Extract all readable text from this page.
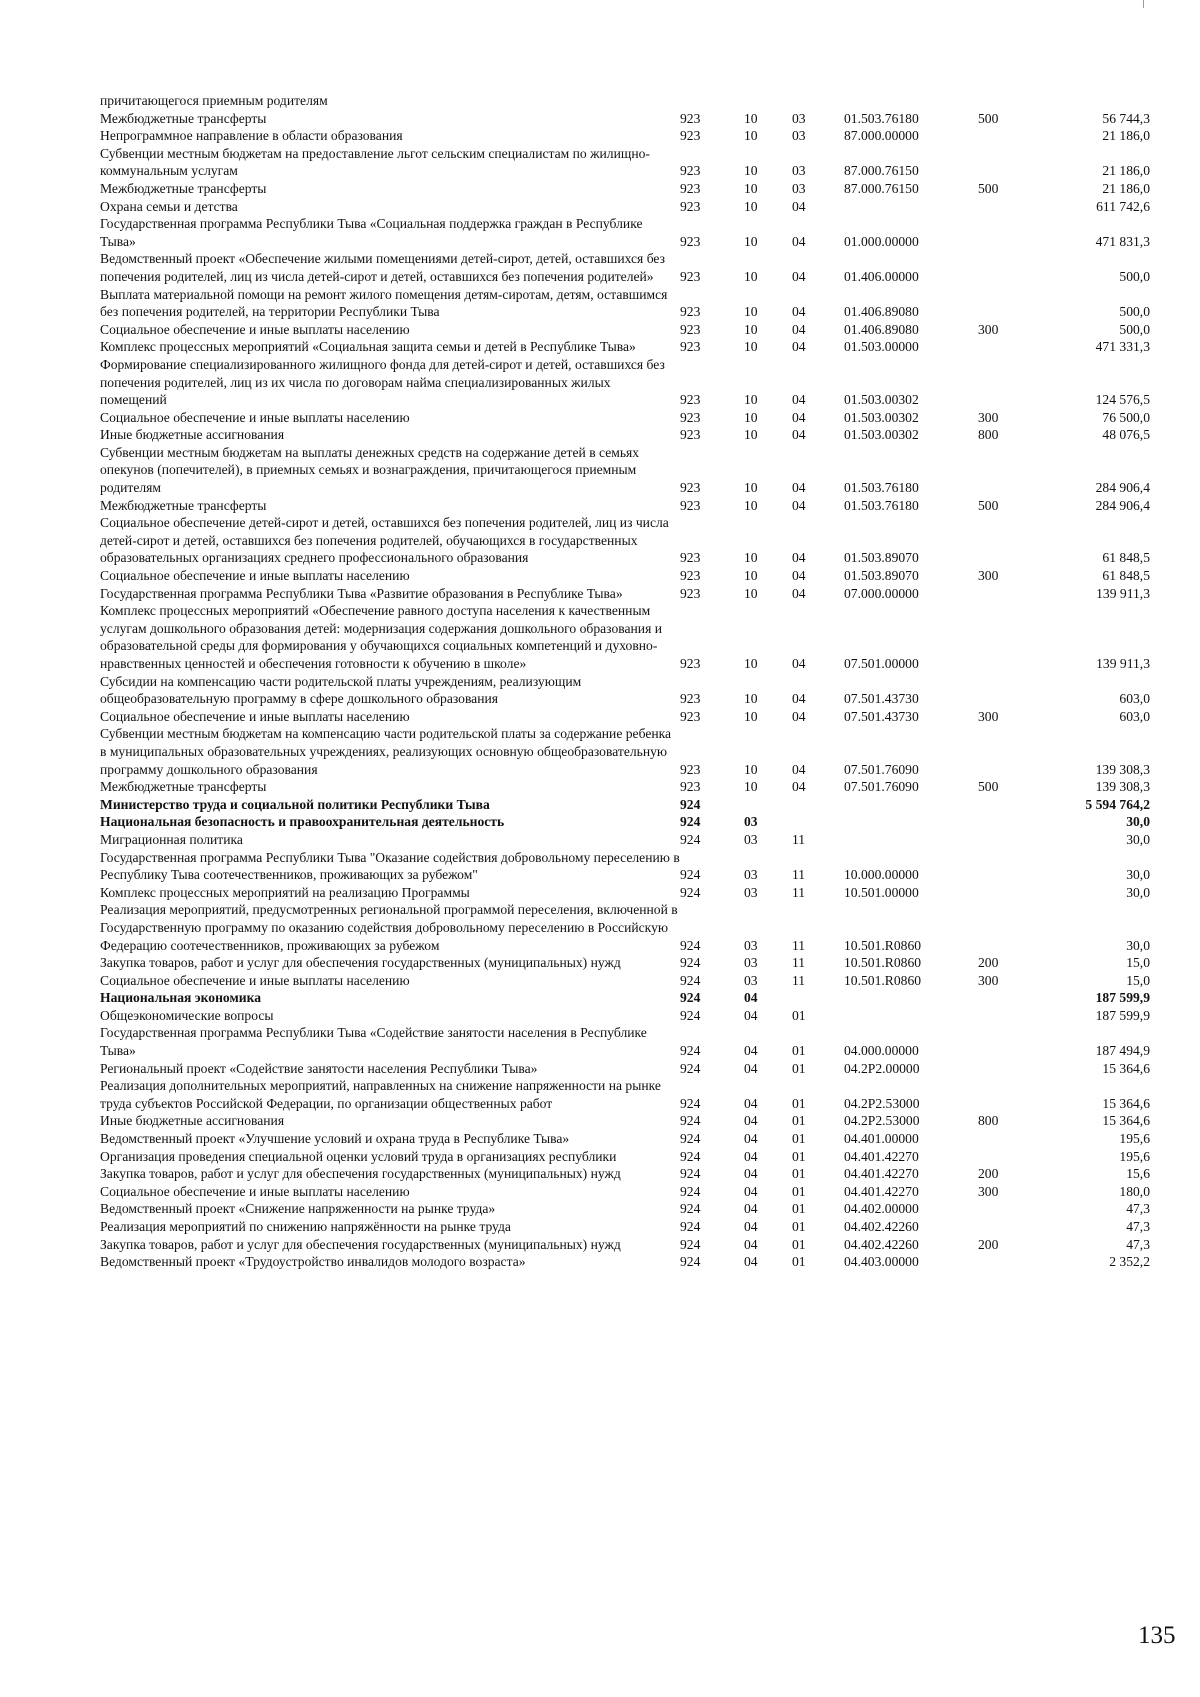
причитающегося приемным родителям						
Межбюджетные трансферты	923	10	03	01.503.76180	500	56 744,3
Непрограммное направление в области образования	923	10	03	87.000.00000		21 186,0
Субвенции местным бюджетам на предоставление льгот сельским специалистам по жилищно-коммунальным услугам	923	10	03	87.000.76150		21 186,0
Межбюджетные трансферты	923	10	03	87.000.76150	500	21 186,0
Охрана семьи и детства	923	10	04			611 742,6
Государственная программа Республики Тыва «Социальная поддержка граждан в Республике Тыва»	923	10	04	01.000.00000		471 831,3
Ведомственный проект «Обеспечение жилыми помещениями детей-сирот, детей, оставшихся без попечения родителей, лиц из числа детей-сирот и детей, оставшихся без попечения родителей»	923	10	04	01.406.00000		500,0
Выплата материальной помощи на ремонт жилого помещения детям-сиротам, детям, оставшимся без попечения родителей, на территории Республики Тыва	923	10	04	01.406.89080		500,0
Социальное обеспечение и иные выплаты населению	923	10	04	01.406.89080	300	500,0
Комплекс процессных мероприятий «Социальная защита семьи и детей в Республике Тыва»	923	10	04	01.503.00000		471 331,3
Формирование специализированного жилищного фонда для детей-сирот и детей, оставшихся без попечения родителей, лиц из их числа по договорам найма специализированных жилых помещений	923	10	04	01.503.00302		124 576,5
Социальное обеспечение и иные выплаты населению	923	10	04	01.503.00302	300	76 500,0
Иные бюджетные ассигнования	923	10	04	01.503.00302	800	48 076,5
Субвенции местным бюджетам на выплаты денежных средств на содержание детей в семьях опекунов (попечителей), в приемных семьях и вознаграждения, причитающегося приемным родителям	923	10	04	01.503.76180		284 906,4
Межбюджетные трансферты	923	10	04	01.503.76180	500	284 906,4
Социальное обеспечение детей-сирот и детей, оставшихся без попечения родителей, лиц из числа детей-сирот и детей, оставшихся без попечения родителей, обучающихся в государственных образовательных организациях среднего профессионального образования	923	10	04	01.503.89070		61 848,5
Социальное обеспечение и иные выплаты населению	923	10	04	01.503.89070	300	61 848,5
Государственная программа Республики Тыва «Развитие образования в Республике Тыва»	923	10	04	07.000.00000		139 911,3
Комплекс процессных мероприятий «Обеспечение равного доступа населения к качественным услугам дошкольного образования детей: модернизация содержания дошкольного образования и образовательной среды для формирования у обучающихся социальных компетенций и духовно-нравственных ценностей и обеспечения готовности к обучению в школе»	923	10	04	07.501.00000		139 911,3
Субсидии на компенсацию части родительской платы учреждениям, реализующим общеобразовательную программу в сфере дошкольного образования	923	10	04	07.501.43730		603,0
Социальное обеспечение и иные выплаты населению	923	10	04	07.501.43730	300	603,0
Субвенции местным бюджетам на компенсацию части родительской платы за содержание ребенка в муниципальных образовательных учреждениях, реализующих основную общеобразовательную программу дошкольного образования	923	10	04	07.501.76090		139 308,3
Межбюджетные трансферты	923	10	04	07.501.76090	500	139 308,3
Министерство труда и социальной политики Республики Тыва	924					5 594 764,2
Национальная безопасность и правоохранительная деятельность	924	03				30,0
Миграционная политика	924	03	11			30,0
Государственная программа Республики Тыва "Оказание содействия добровольному переселению в Республику Тыва соотечественников, проживающих за рубежом"	924	03	11	10.000.00000		30,0
Комплекс процессных мероприятий на реализацию Программы	924	03	11	10.501.00000		30,0
Реализация мероприятий, предусмотренных региональной программой переселения, включенной в Государственную программу по оказанию содействия добровольному переселению в Российскую Федерацию соотечественников, проживающих за рубежом	924	03	11	10.501.R0860		30,0
Закупка товаров, работ и услуг для обеспечения государственных (муниципальных) нужд	924	03	11	10.501.R0860	200	15,0
Социальное обеспечение и иные выплаты населению	924	03	11	10.501.R0860	300	15,0
Национальная экономика	924	04				187 599,9
Общеэкономические вопросы	924	04	01			187 599,9
Государственная программа Республики Тыва «Содействие занятости населения в Республике Тыва»	924	04	01	04.000.00000		187 494,9
Региональный проект «Содействие занятости населения Республики Тыва»	924	04	01	04.2P2.00000		15 364,6
Реализация дополнительных мероприятий, направленных на снижение напряженности на рынке труда субъектов Российской Федерации, по организации общественных работ	924	04	01	04.2P2.53000		15 364,6
Иные бюджетные ассигнования	924	04	01	04.2P2.53000	800	15 364,6
Ведомственный проект «Улучшение условий и охрана труда в Республике Тыва»	924	04	01	04.401.00000		195,6
Организация проведения специальной оценки условий труда в организациях республики	924	04	01	04.401.42270		195,6
Закупка товаров, работ и услуг для обеспечения государственных (муниципальных) нужд	924	04	01	04.401.42270	200	15,6
Социальное обеспечение и иные выплаты населению	924	04	01	04.401.42270	300	180,0
Ведомственный проект «Снижение напряженности на рынке труда»	924	04	01	04.402.00000		47,3
Реализация мероприятий по снижению напряжённости на рынке труда	924	04	01	04.402.42260		47,3
Закупка товаров, работ и услуг для обеспечения государственных (муниципальных) нужд	924	04	01	04.402.42260	200	47,3
Ведомственный проект «Трудоустройство инвалидов молодого возраста»	924	04	01	04.403.00000		2 352,2
135
